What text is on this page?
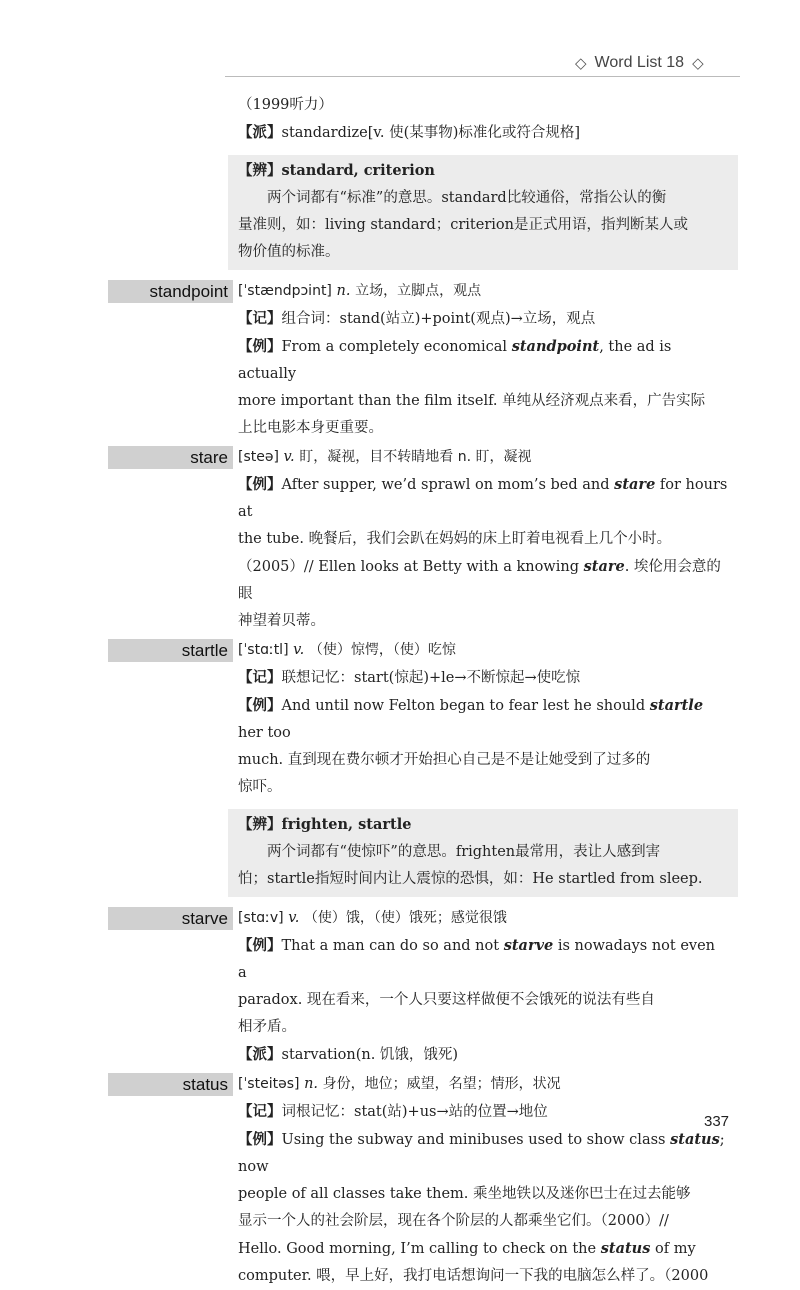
◇ Word List 18 ◇

（1999听力）

【派】standardize[v. 使(某事物)标准化或符合规格]

【辨】standard, criterion

两个词都有“标准”的意思。standard比较通俗，常指公认的衡

量准则，如：living standard；criterion是正式用语，指判断某人或

物价值的标准。

standpoint [ˈstændpɔint] n. 立场，立脚点，观点

【记】组合词：stand(站立)+point(观点)→立场，观点

【例】From a completely economical standpoint, the ad is actually

more important than the film itself. 单纯从经济观点来看，广告实际

上比电影本身更重要。

stare [steə] v. 盯，凝视，目不转睛地看 n. 盯，凝视

【例】After supper, we’d sprawl on mom’s bed and stare for hours at

the tube. 晚餐后，我们会趴在妈妈的床上盯着电视看上几个小时。

（2005）// Ellen looks at Betty with a knowing stare. 埃伦用会意的眼

神望着贝蒂。

startle [ˈstɑːtl] v. （使）惊愕，（使）吃惊

【记】联想记忆：start(惊起)+le→不断惊起→使吃惊

【例】And until now Felton began to fear lest he should startle her too

much. 直到现在费尔顿才开始担心自己是不是让她受到了过多的

惊吓。

【辨】frighten, startle

两个词都有“使惊吓”的意思。frighten最常用，表让人感到害

怕；startle指短时间内让人震惊的恐惧，如：He startled from sleep.

starve [stɑːv] v. （使）饿，（使）饿死；感觉很饿

【例】That a man can do so and not starve is nowadays not even a

paradox. 现在看来，一个人只要这样做便不会饿死的说法有些自

相矛盾。

【派】starvation(n. 饥饿，饿死)

status [ˈsteitəs] n. 身份，地位；威望，名望；情形，状况

【记】词根记忆：stat(站)+us→站的位置→地位

【例】Using the subway and minibuses used to show class status; now

people of all classes take them. 乘坐地铁以及迷你巴士在过去能够

显示一个人的社会阶层，现在各个阶层的人都乘坐它们。（2000）//

Hello. Good morning, I’m calling to check on the status of my

computer. 喂，早上好，我打电话想询问一下我的电脑怎么样了。（2000

337
